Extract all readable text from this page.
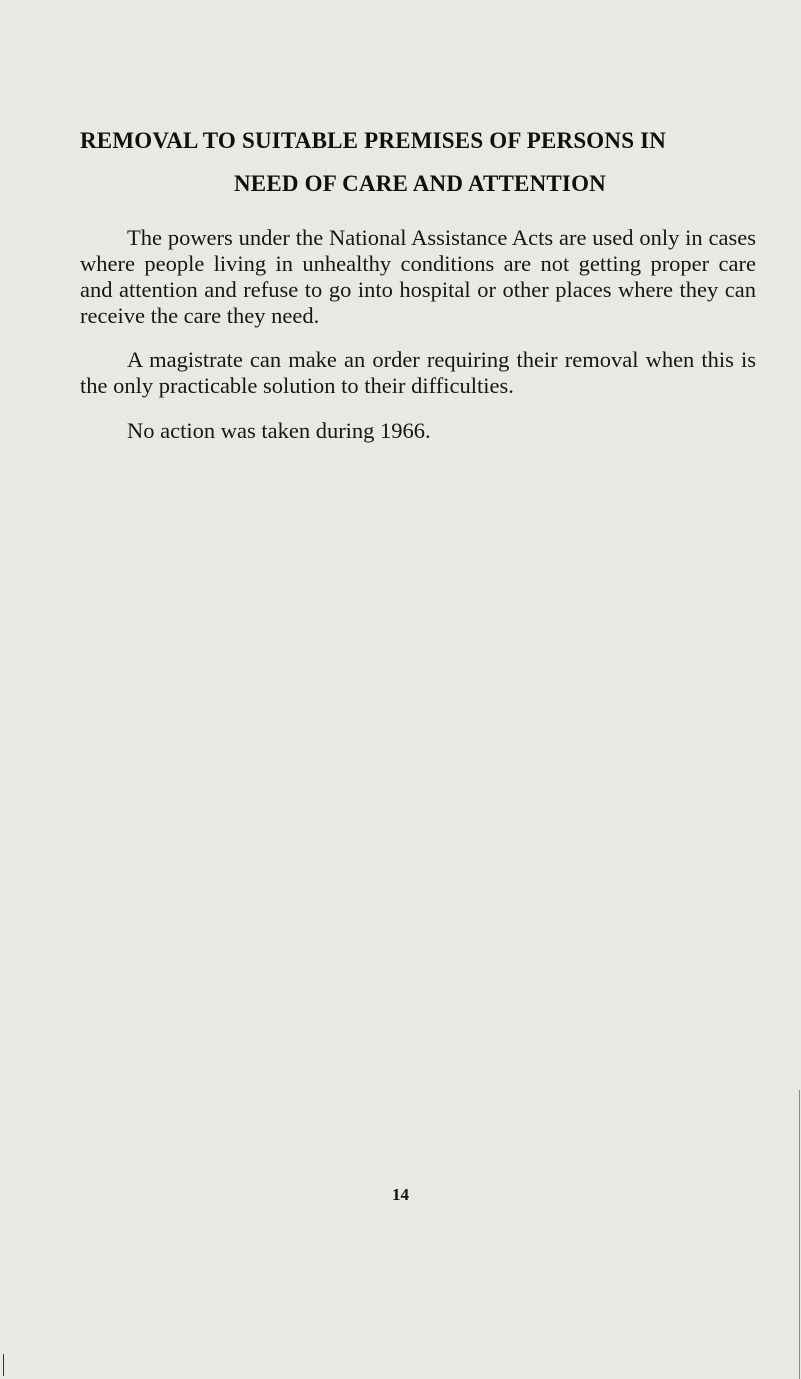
REMOVAL TO SUITABLE PREMISES OF PERSONS IN
NEED OF CARE AND ATTENTION

The powers under the National Assistance Acts are used only in cases where people living in unhealthy conditions are not getting proper care and attention and refuse to go into hospital or other places where they can receive the care they need.

A magistrate can make an order requiring their removal when this is the only practicable solution to their difficulties.

No action was taken during 1966.

14
